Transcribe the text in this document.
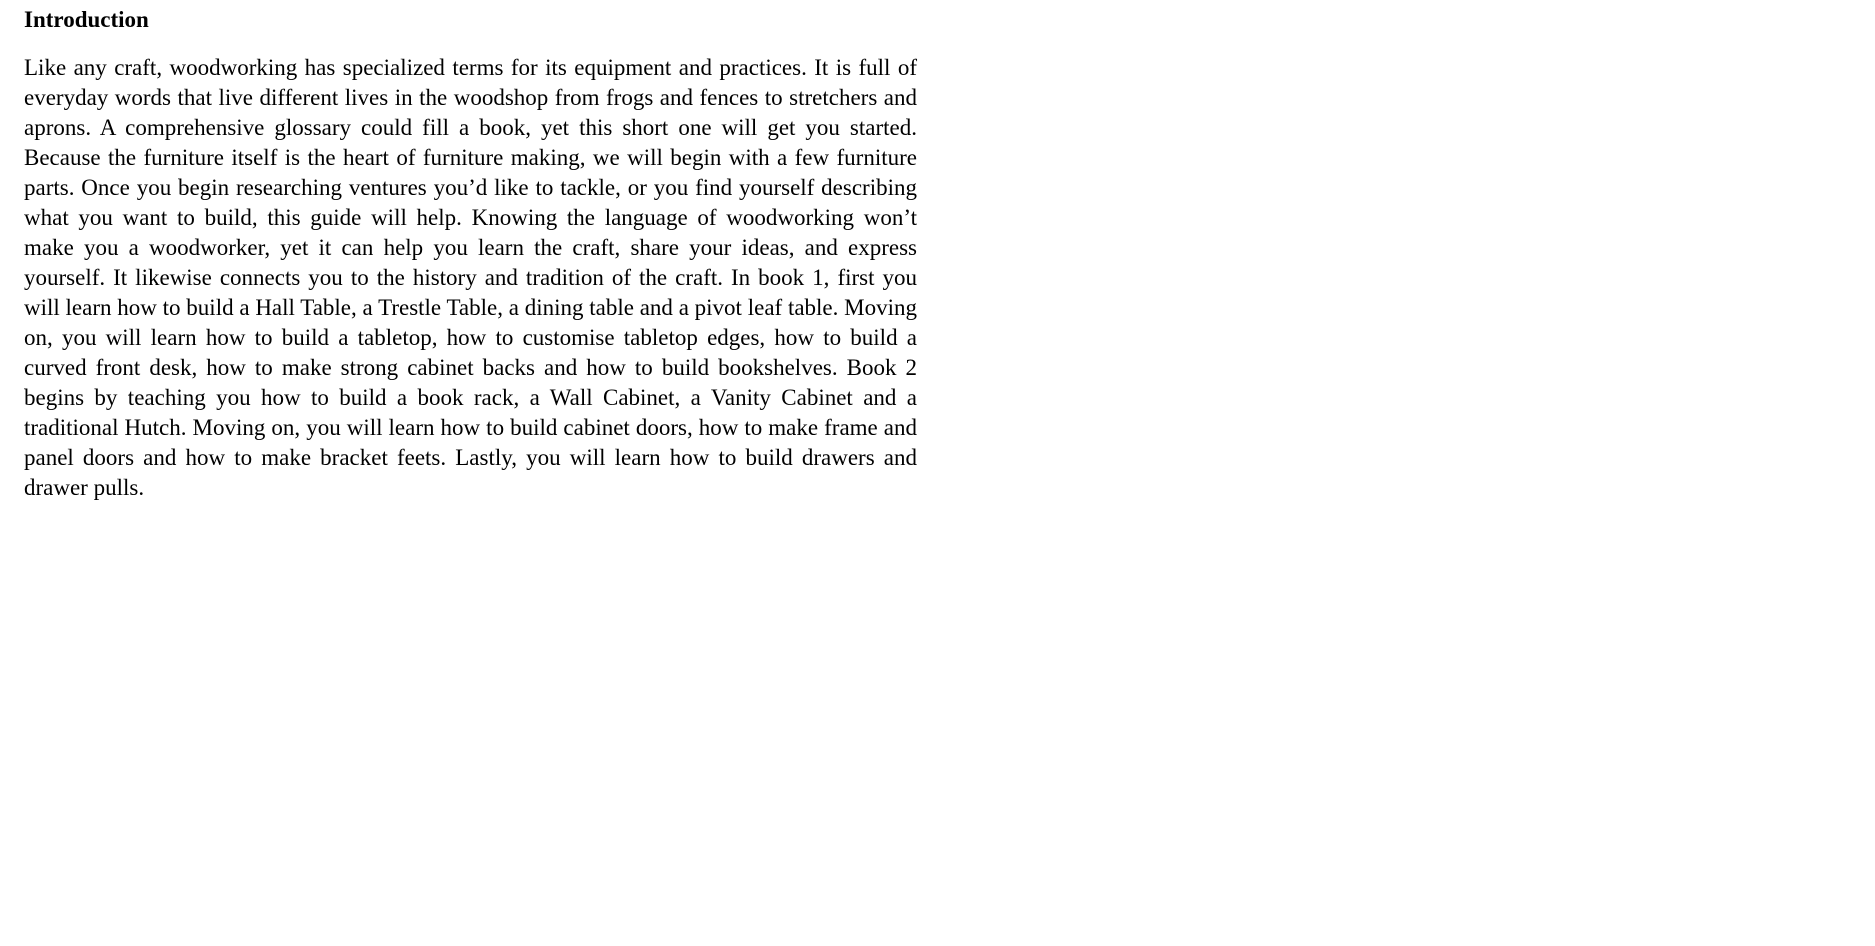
Introduction

Like any craft, woodworking has specialized terms for its equipment and practices. It is full of everyday words that live different lives in the woodshop from frogs and fences to stretchers and aprons. A comprehensive glossary could fill a book, yet this short one will get you started. Because the furniture itself is the heart of furniture making, we will begin with a few furniture parts. Once you begin researching ventures you’d like to tackle, or you find yourself describing what you want to build, this guide will help. Knowing the language of woodworking won’t make you a woodworker, yet it can help you learn the craft, share your ideas, and express yourself. It likewise connects you to the history and tradition of the craft. In book 1, first you will learn how to build a Hall Table, a Trestle Table, a dining table and a pivot leaf table. Moving on, you will learn how to build a tabletop, how to customise tabletop edges, how to build a curved front desk, how to make strong cabinet backs and how to build bookshelves. Book 2 begins by teaching you how to build a book rack, a Wall Cabinet, a Vanity Cabinet and a traditional Hutch. Moving on, you will learn how to build cabinet doors, how to make frame and panel doors and how to make bracket feets. Lastly, you will learn how to build drawers and drawer pulls.
